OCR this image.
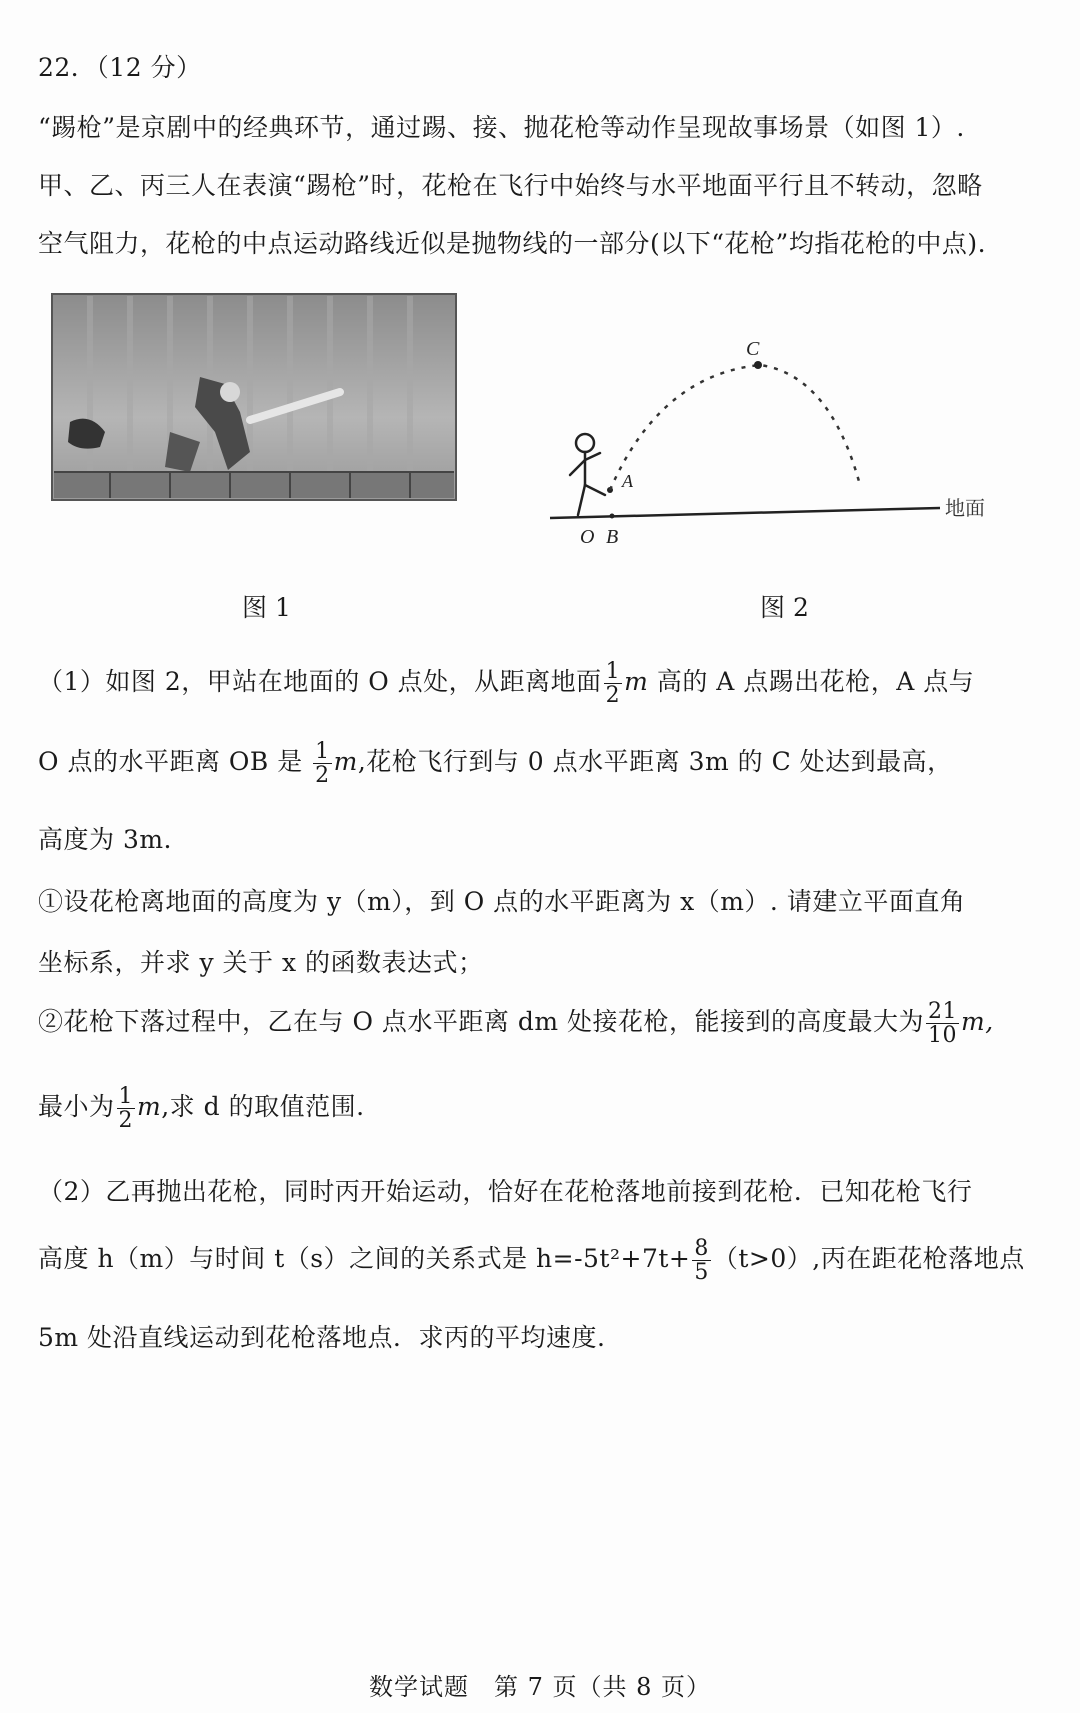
22．（12 分）
“踢枪”是京剧中的经典环节，通过踢、接、抛花枪等动作呈现故事场景（如图 1）.
甲、乙、丙三人在表演“踢枪”时，花枪在飞行中始终与水平地面平行且不转动，忽略
空气阻力，花枪的中点运动路线近似是抛物线的一部分(以下“花枪”均指花枪的中点).
C
A
O B
地面
图 1	图 2
（1）如图 2，甲站在地面的 O 点处，从距离地面 $\frac{1}{2}$ m 高的 A 点踢出花枪，A 点与
O 点的水平距离 OB 是 $\frac{1}{2} m$,花枪飞行到与 0 点水平距离 3m 的 C 处达到最高，
高度为 3m.
①设花枪离地面的高度为 y（m），到 O 点的水平距离为 x（m）. 请建立平面直角
坐标系，并求 y 关于 x 的函数表达式；
②花枪下落过程中，乙在与 O 点水平距离 dm 处接花枪，能接到的高度最大为 $\frac{21}{10} m$,
最小为 $\frac{1}{2} m$,求 d 的取值范围.
（2）乙再抛出花枪，同时丙开始运动，恰好在花枪落地前接到花枪．已知花枪飞行
高度 h（m）与时间 t（s）之间的关系式是 $h=-5t^2+7t+ \frac{8}{5} (t>0)$,丙在距花枪落地点
5m 处沿直线运动到花枪落地点．求丙的平均速度.
数学试题　第 7 页（共 8 页）
